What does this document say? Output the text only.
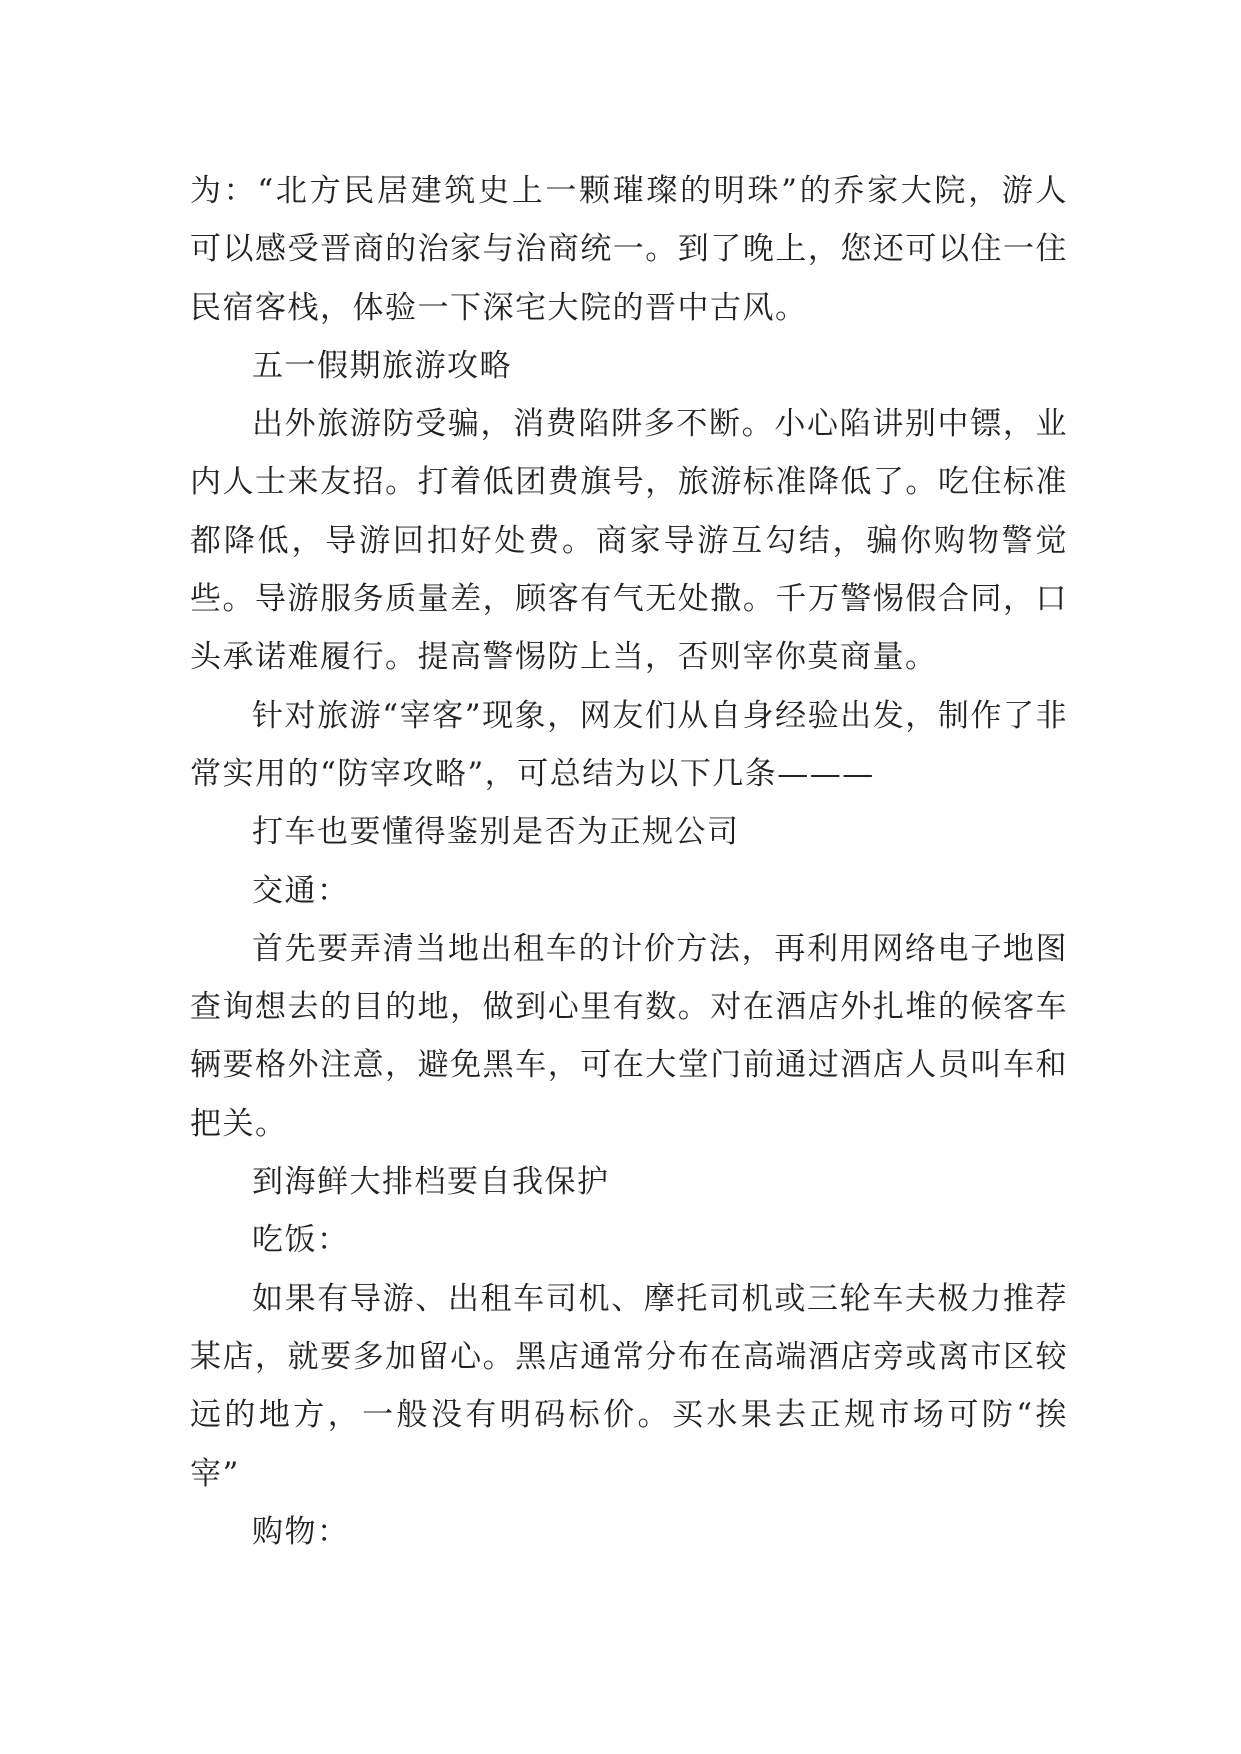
为：“北方民居建筑史上一颗璀璨的明珠”的乔家大院，游人可以感受晋商的治家与治商统一。到了晚上，您还可以住一住民宿客栈，体验一下深宅大院的晋中古风。

五一假期旅游攻略

出外旅游防受骗，消费陷阱多不断。小心陷讲别中镖，业内人士来友招。打着低团费旗号，旅游标准降低了。吃住标准都降低，导游回扣好处费。商家导游互勾结，骗你购物警觉些。导游服务质量差，顾客有气无处撒。千万警惕假合同，口头承诺难履行。提高警惕防上当，否则宰你莫商量。

针对旅游“宰客”现象，网友们从自身经验出发，制作了非常实用的“防宰攻略”，可总结为以下几条———

打车也要懂得鉴别是否为正规公司

交通：

首先要弄清当地出租车的计价方法，再利用网络电子地图查询想去的目的地，做到心里有数。对在酒店外扎堆的候客车辆要格外注意，避免黑车，可在大堂门前通过酒店人员叫车和把关。

到海鲜大排档要自我保护

吃饭：

如果有导游、出租车司机、摩托司机或三轮车夫极力推荐某店，就要多加留心。黑店通常分布在高端酒店旁或离市区较远的地方，一般没有明码标价。买水果去正规市场可防“挨宰”

购物：
